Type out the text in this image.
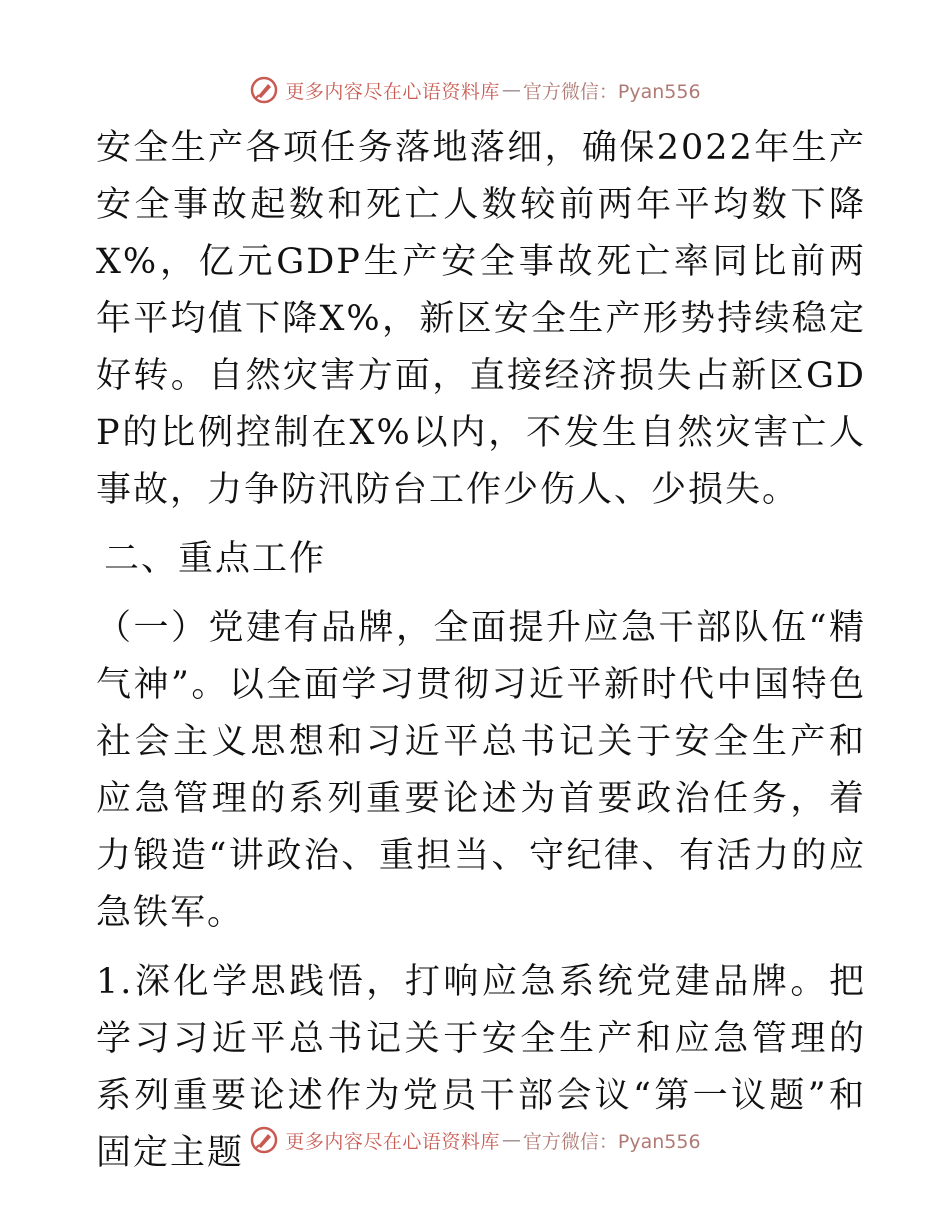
更多内容尽在心语资料库 — 官方微信：Pyan556

安全生产各项任务落地落细，确保2022年生产安全事故起数和死亡人数较前两年平均数下降X%，亿元GDP生产安全事故死亡率同比前两年平均值下降X%，新区安全生产形势持续稳定好转。自然灾害方面，直接经济损失占新区GDP的比例控制在X%以内，不发生自然灾害亡人事故，力争防汛防台工作少伤人、少损失。

二、重点工作

（一）党建有品牌，全面提升应急干部队伍“精气神”。以全面学习贯彻习近平新时代中国特色社会主义思想和习近平总书记关于安全生产和应急管理的系列重要论述为首要政治任务，着力锻造“讲政治、重担当、守纪律、有活力的应急铁军。

1.深化学思践悟，打响应急系统党建品牌。把学习习近平总书记关于安全生产和应急管理的系列重要论述作为党员干部会议“第一议题”和固定主题	更多内容尽在心语资料库 — 官方微信：Pyan556
